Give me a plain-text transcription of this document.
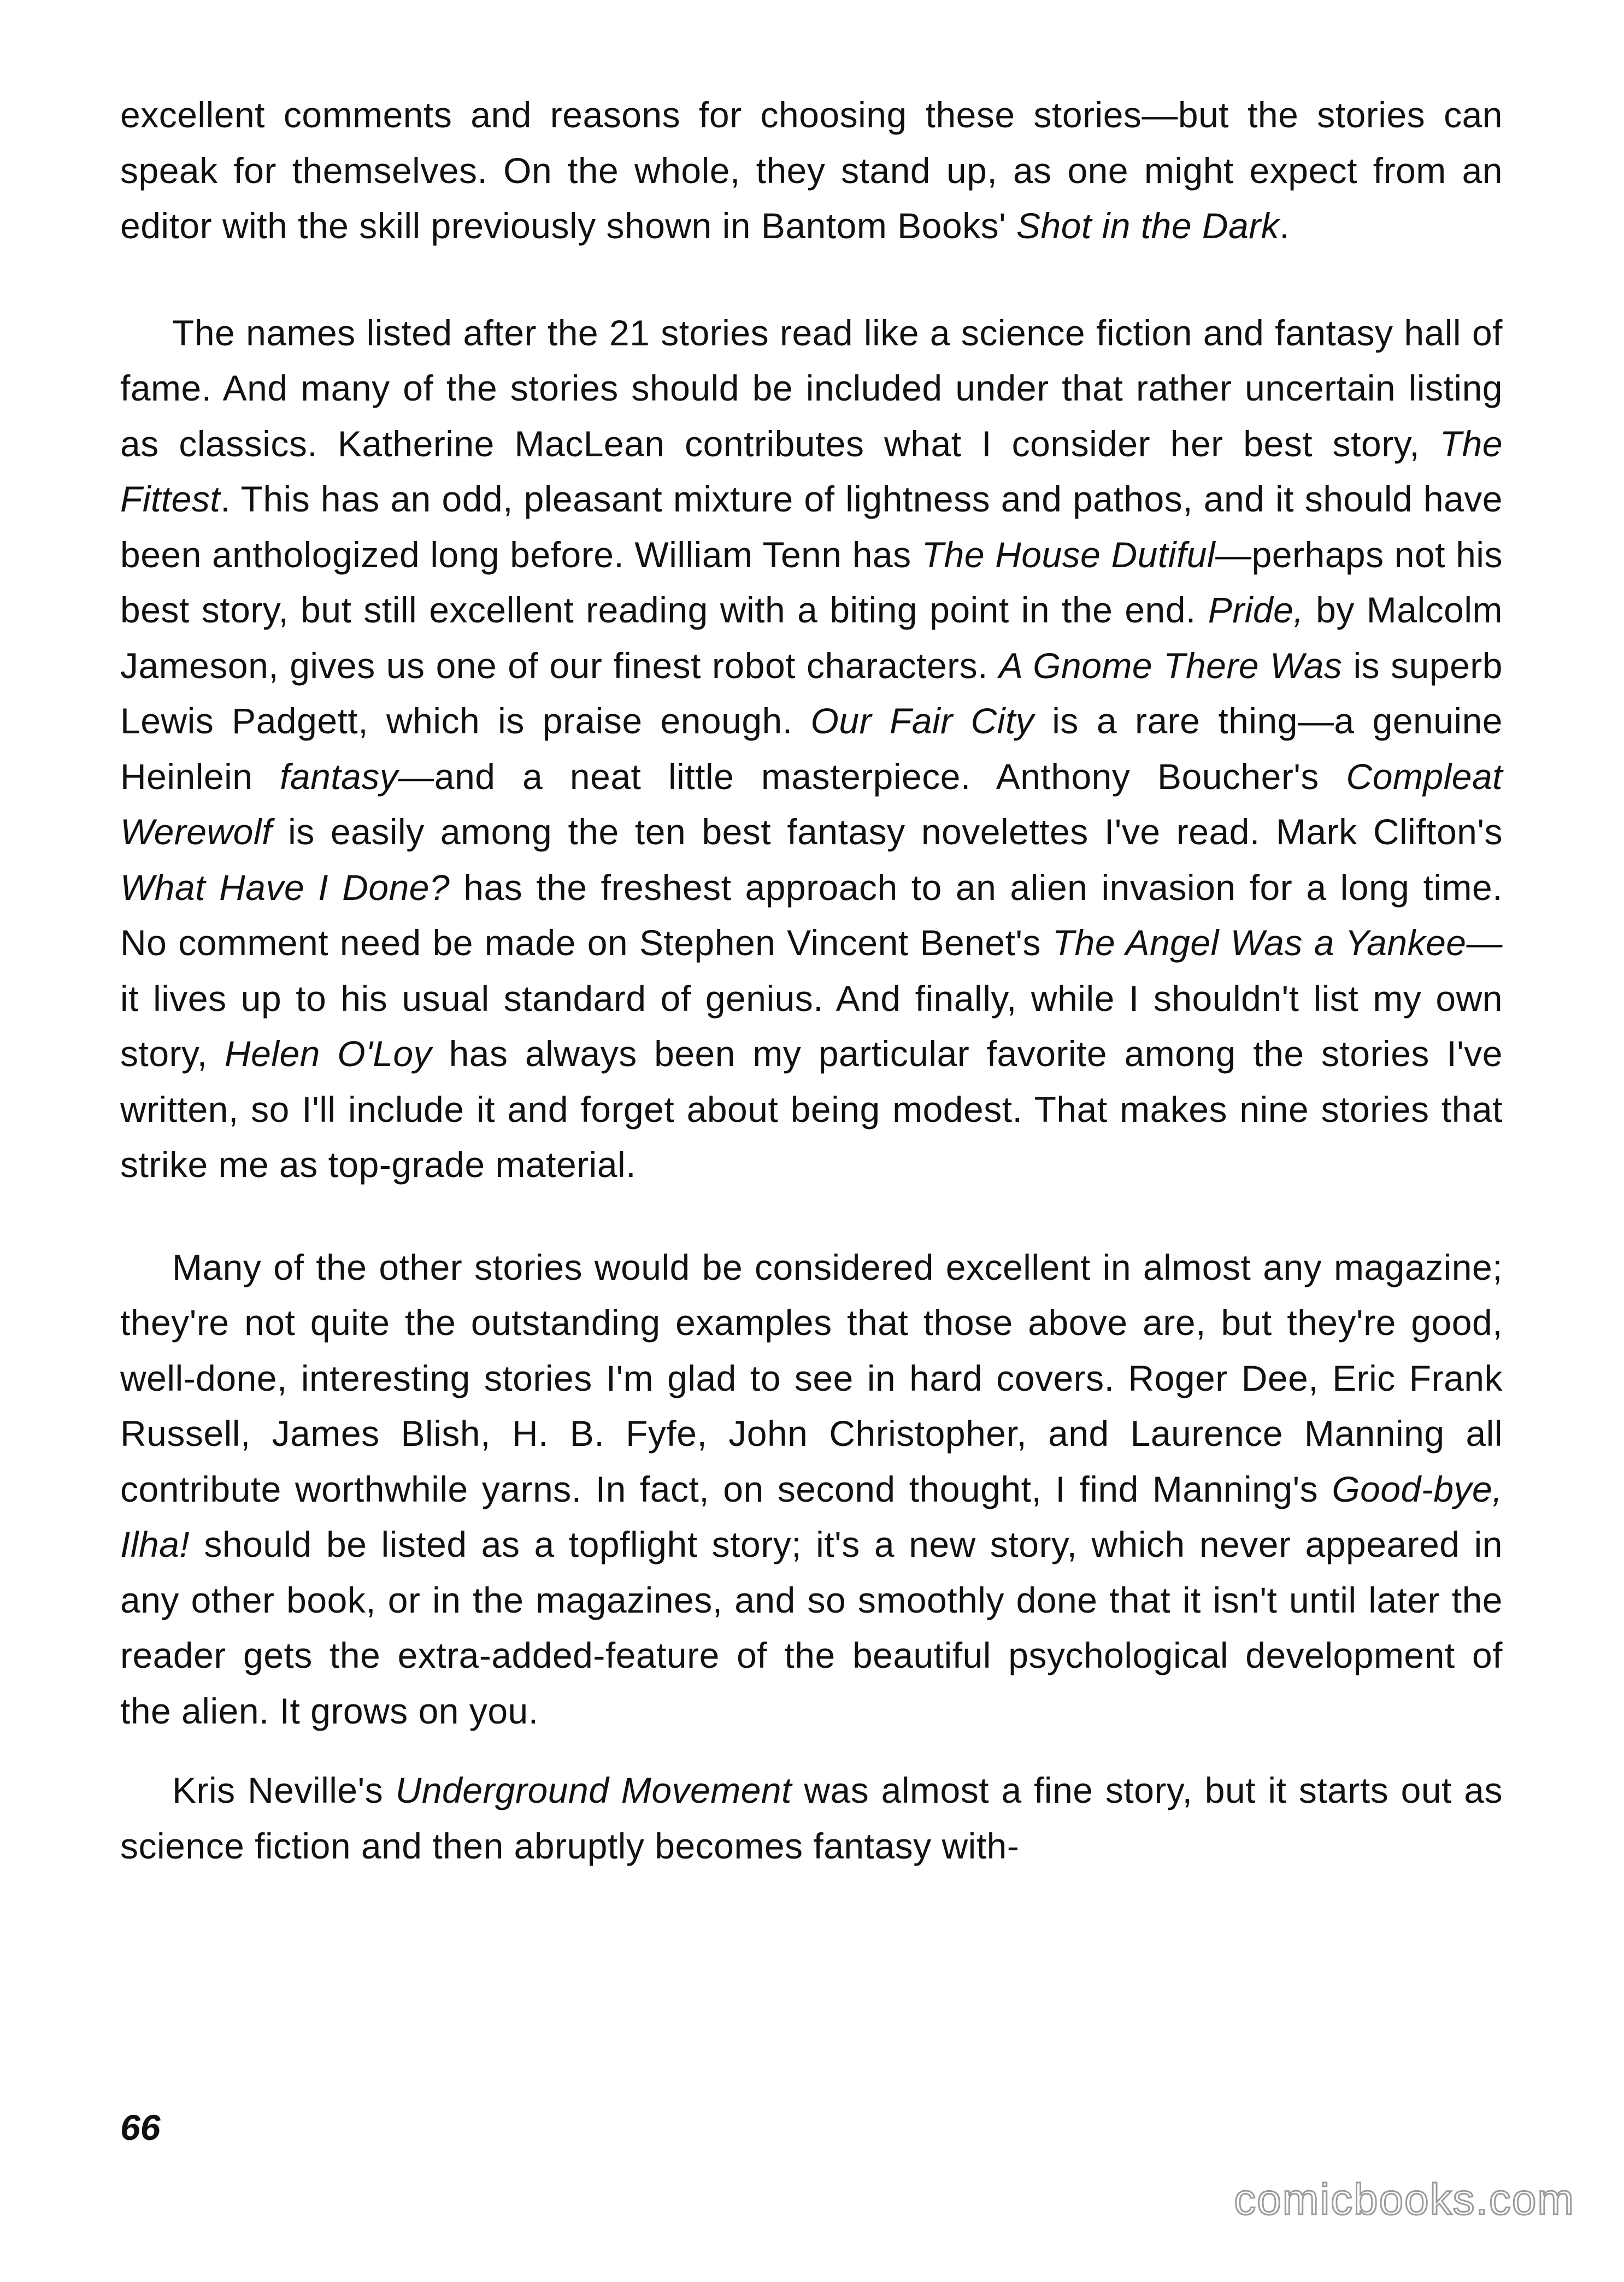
excellent comments and reasons for choosing these stories—but the stories can speak for themselves. On the whole, they stand up, as one might expect from an editor with the skill previously shown in Bantom Books' Shot in the Dark.

The names listed after the 21 stories read like a science fiction and fantasy hall of fame. And many of the stories should be included under that rather uncertain listing as classics. Katherine MacLean contributes what I consider her best story, The Fittest. This has an odd, pleasant mixture of lightness and pathos, and it should have been anthologized long before. William Tenn has The House Dutiful—perhaps not his best story, but still excellent reading with a biting point in the end. Pride, by Malcolm Jameson, gives us one of our finest robot characters. A Gnome There Was is superb Lewis Padgett, which is praise enough. Our Fair City is a rare thing—a genuine Heinlein fantasy—and a neat little masterpiece. Anthony Boucher's Compleat Werewolf is easily among the ten best fantasy novelettes I've read. Mark Clifton's What Have I Done? has the freshest approach to an alien invasion for a long time. No comment need be made on Stephen Vincent Benet's The Angel Was a Yankee—it lives up to his usual standard of genius. And finally, while I shouldn't list my own story, Helen O'Loy has always been my particular favorite among the stories I've written, so I'll include it and forget about being modest. That makes nine stories that strike me as top-grade material.

Many of the other stories would be considered excellent in almost any magazine; they're not quite the outstanding examples that those above are, but they're good, well-done, interesting stories I'm glad to see in hard covers. Roger Dee, Eric Frank Russell, James Blish, H. B. Fyfe, John Christopher, and Laurence Manning all contribute worthwhile yarns. In fact, on second thought, I find Manning's Good-bye, Ilha! should be listed as a topflight story; it's a new story, which never appeared in any other book, or in the magazines, and so smoothly done that it isn't until later the reader gets the extra-added-feature of the beautiful psychological development of the alien. It grows on you.

Kris Neville's Underground Movement was almost a fine story, but it starts out as science fiction and then abruptly becomes fantasy with-

66
comicbooks.com
